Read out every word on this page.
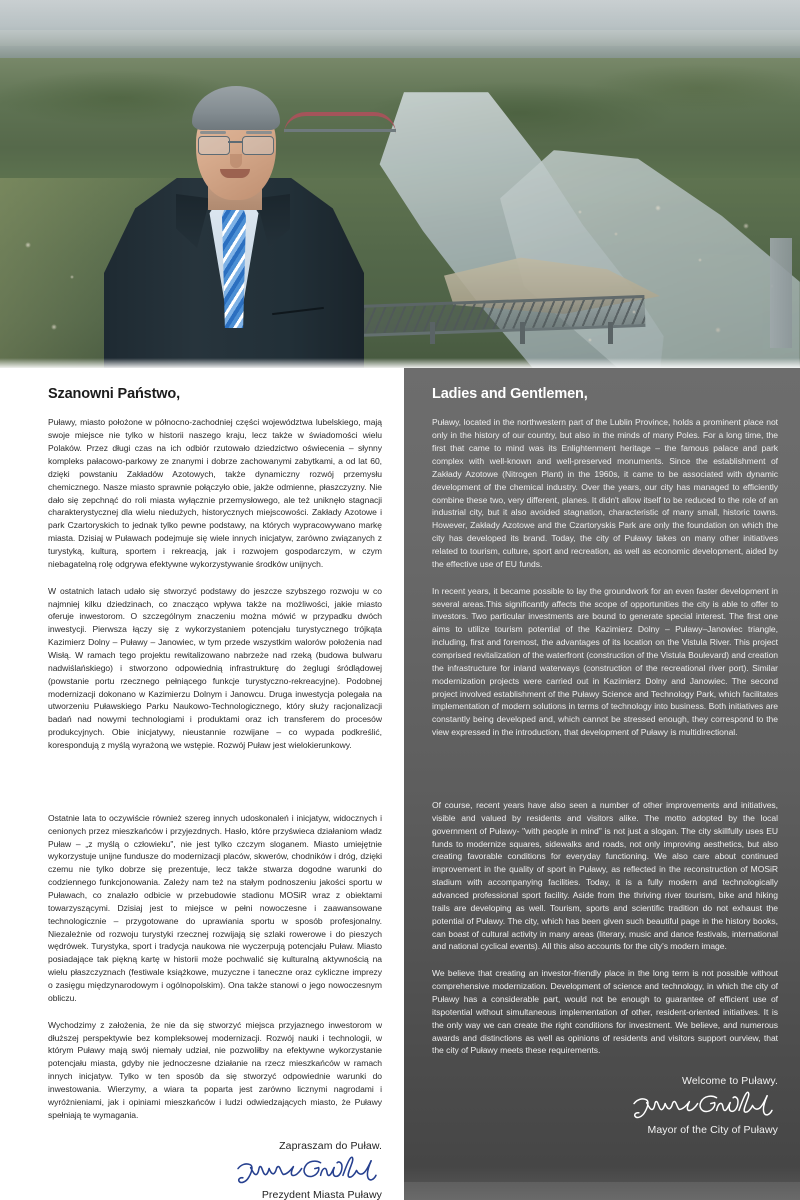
Szanowni Państwo,

Puławy, miasto położone w północno-zachodniej części województwa lubelskiego, mają swoje miejsce nie tylko w historii naszego kraju, lecz także w świadomości wielu Polaków. Przez długi czas na ich odbiór rzutowało dziedzictwo oświecenia – słynny kompleks pałacowo-parkowy ze znanymi i dobrze zachowanymi zabytkami, a od lat 60, dzięki powstaniu Zakładów Azotowych, także dynamiczny rozwój przemysłu chemicznego. Nasze miasto sprawnie połączyło obie, jakże odmienne, płaszczyzny. Nie dało się zepchnąć do roli miasta wyłącznie przemysłowego, ale też uniknęło stagnacji charakterystycznej dla wielu niedużych, historycznych miejscowości. Zakłady Azotowe i park Czartoryskich to jednak tylko pewne podstawy, na których wypracowywano markę miasta. Dzisiaj w Puławach podejmuje się wiele innych inicjatyw, zarówno związanych z turystyką, kulturą, sportem i rekreacją, jak i rozwojem gospodarczym, w czym niebagatelną rolę odgrywa efektywne wykorzystywanie środków unijnych.

W ostatnich latach udało się stworzyć podstawy do jeszcze szybszego rozwoju w co najmniej kilku dziedzinach, co znacząco wpływa także na możliwości, jakie miasto oferuje inwestorom. O szczególnym znaczeniu można mówić w przypadku dwóch inwestycji. Pierwsza łączy się z wykorzystaniem potencjału turystycznego trójkąta Kazimierz Dolny – Puławy – Janowiec, w tym przede wszystkim walorów położenia nad Wisłą. W ramach tego projektu rewitalizowano nabrzeże nad rzeką (budowa bulwaru nadwiślańskiego) i stworzono odpowiednią infrastrukturę do żeglugi śródlądowej (powstanie portu rzecznego pełniącego funkcje turystyczno-rekreacyjne). Podobnej modernizacji dokonano w Kazimierzu Dolnym i Janowcu. Druga inwestycja polegała na utworzeniu Puławskiego Parku Naukowo-Technologicznego, który służy racjonalizacji badań nad nowymi technologiami i produktami oraz ich transferem do procesów produkcyjnych. Obie inicjatywy, nieustannie rozwijane – co wypada podkreślić, korespondują z myślą wyrażoną we wstępie. Rozwój Puław jest wielokierunkowy.

Ostatnie lata to oczywiście również szereg innych udoskonaleń i inicjatyw, widocznych i cenionych przez mieszkańców i przyjezdnych. Hasło, które przyświeca działaniom władz Puław – „z myślą o człowieku", nie jest tylko czczym sloganem. Miasto umiejętnie wykorzystuje unijne fundusze do modernizacji placów, skwerów, chodników i dróg, dzięki czemu nie tylko dobrze się prezentuje, lecz także stwarza dogodne warunki do codziennego funkcjonowania. Zależy nam też na stałym podnoszeniu jakości sportu w Puławach, co znalazło odbicie w przebudowie stadionu MOSiR wraz z obiektami towarzyszącymi. Dzisiaj jest to miejsce w pełni nowoczesne i zaawansowane technologicznie – przygotowane do uprawiania sportu w sposób profesjonalny. Niezależnie od rozwoju turystyki rzecznej rozwijają się szlaki rowerowe i do pieszych wędrówek. Turystyka, sport i tradycja naukowa nie wyczerpują potencjału Puław. Miasto posiadające tak piękną kartę w historii może pochwalić się kulturalną aktywnością na wielu płaszczyznach (festiwale książkowe, muzyczne i taneczne oraz cykliczne imprezy o zasięgu międzynarodowym i ogólnopolskim). Ona także stanowi o jego nowoczesnym obliczu.

Wychodzimy z założenia, że nie da się stworzyć miejsca przyjaznego inwestorom w dłuższej perspektywie bez kompleksowej modernizacji. Rozwój nauki i technologii, w którym Puławy mają swój niemały udział, nie pozwoliłby na efektywne wykorzystanie potencjału miasta, gdyby nie jednoczesne działanie na rzecz mieszkańców w ramach innych inicjatyw. Tylko w ten sposób da się stworzyć odpowiednie warunki do inwestowania. Wierzymy, a wiara ta poparta jest zarówno licznymi nagrodami i wyróżnieniami, jak i opiniami mieszkańców i ludzi odwiedzających miasto, że Puławy spełniają te wymagania.

Zapraszam do Puław.
Prezydent Miasta Puławy
Ladies and Gentlemen,

Puławy, located in the northwestern part of the Lublin Province, holds a prominent place not only in the history of our country, but also in the minds of many Poles. For a long time, the first that came to mind was its Enlightenment heritage – the famous palace and park complex with well-known and well-preserved monuments. Since the establishment of Zakłady Azotowe (Nitrogen Plant) in the 1960s, it came to be associated with dynamic development of the chemical industry. Over the years, our city has managed to efficiently combine these two, very different, planes. It didn't allow itself to be reduced to the role of an industrial city, but it also avoided stagnation, characteristic of many small, historic towns. However, Zakłady Azotowe and the Czartoryskis Park are only the foundation on which the city has developed its brand. Today, the city of Puławy takes on many other initiatives related to tourism, culture, sport and recreation, as well as economic development, aided by the effective use of EU funds.

In recent years, it became possible to lay the groundwork for an even faster development in several areas.This significantly affects the scope of opportunities the city is able to offer to investors. Two particular investments are bound to generate special interest. The first one aims to utilize tourism potential of the Kazimierz Dolny – Puławy–Janowiec triangle, including, first and foremost, the advantages of its location on the Vistula River. This project comprised revitalization of the waterfront (construction of the Vistula Boulevard) and creation the infrastructure for inland waterways (construction of the recreational river port). Similar modernization projects were carried out in Kazimierz Dolny and Janowiec. The second project involved establishment of the Puławy Science and Technology Park, which facilitates implementation of modern solutions in terms of technology into business. Both initiatives are constantly being developed and, which cannot be stressed enough, they correspond to the view expressed in the introduction, that development of Puławy is multidirectional.

Of course, recent years have also seen a number of other improvements and initiatives, visible and valued by residents and visitors alike. The motto adopted by the local government of Puławy- "with people in mind" is not just a slogan. The city skillfully uses EU funds to modernize squares, sidewalks and roads, not only improving aesthetics, but also creating favorable conditions for everyday functioning. We also care about continued improvement in the quality of sport in Puławy, as reflected in the reconstruction of MOSiR stadium with accompanying facilities. Today, it is a fully modern and technologically advanced professional sport facility. Aside from the thriving river tourism, bike and hiking trails are developing as well. Tourism, sports and scientific tradition do not exhaust the potential of Puławy. The city, which has been given such beautiful page in the history books, can boast of cultural activity in many areas (literary, music and dance festivals, international and national cyclical events). All this also accounts for the city's modern image.

We believe that creating an investor-friendly place in the long term is not possible without comprehensive modernization. Development of science and technology, in which the city of Puławy has a considerable part, would not be enough to guarantee of efficient use of itspotential without simultaneous implementation of other, resident-oriented initiatives. It is the only way we can create the right conditions for investment. We believe, and numerous awards and distinctions as well as opinions of residents and visitors support ourview, that the city of Puławy meets these requirements.

Welcome to Puławy.
Mayor of the City of Puławy
